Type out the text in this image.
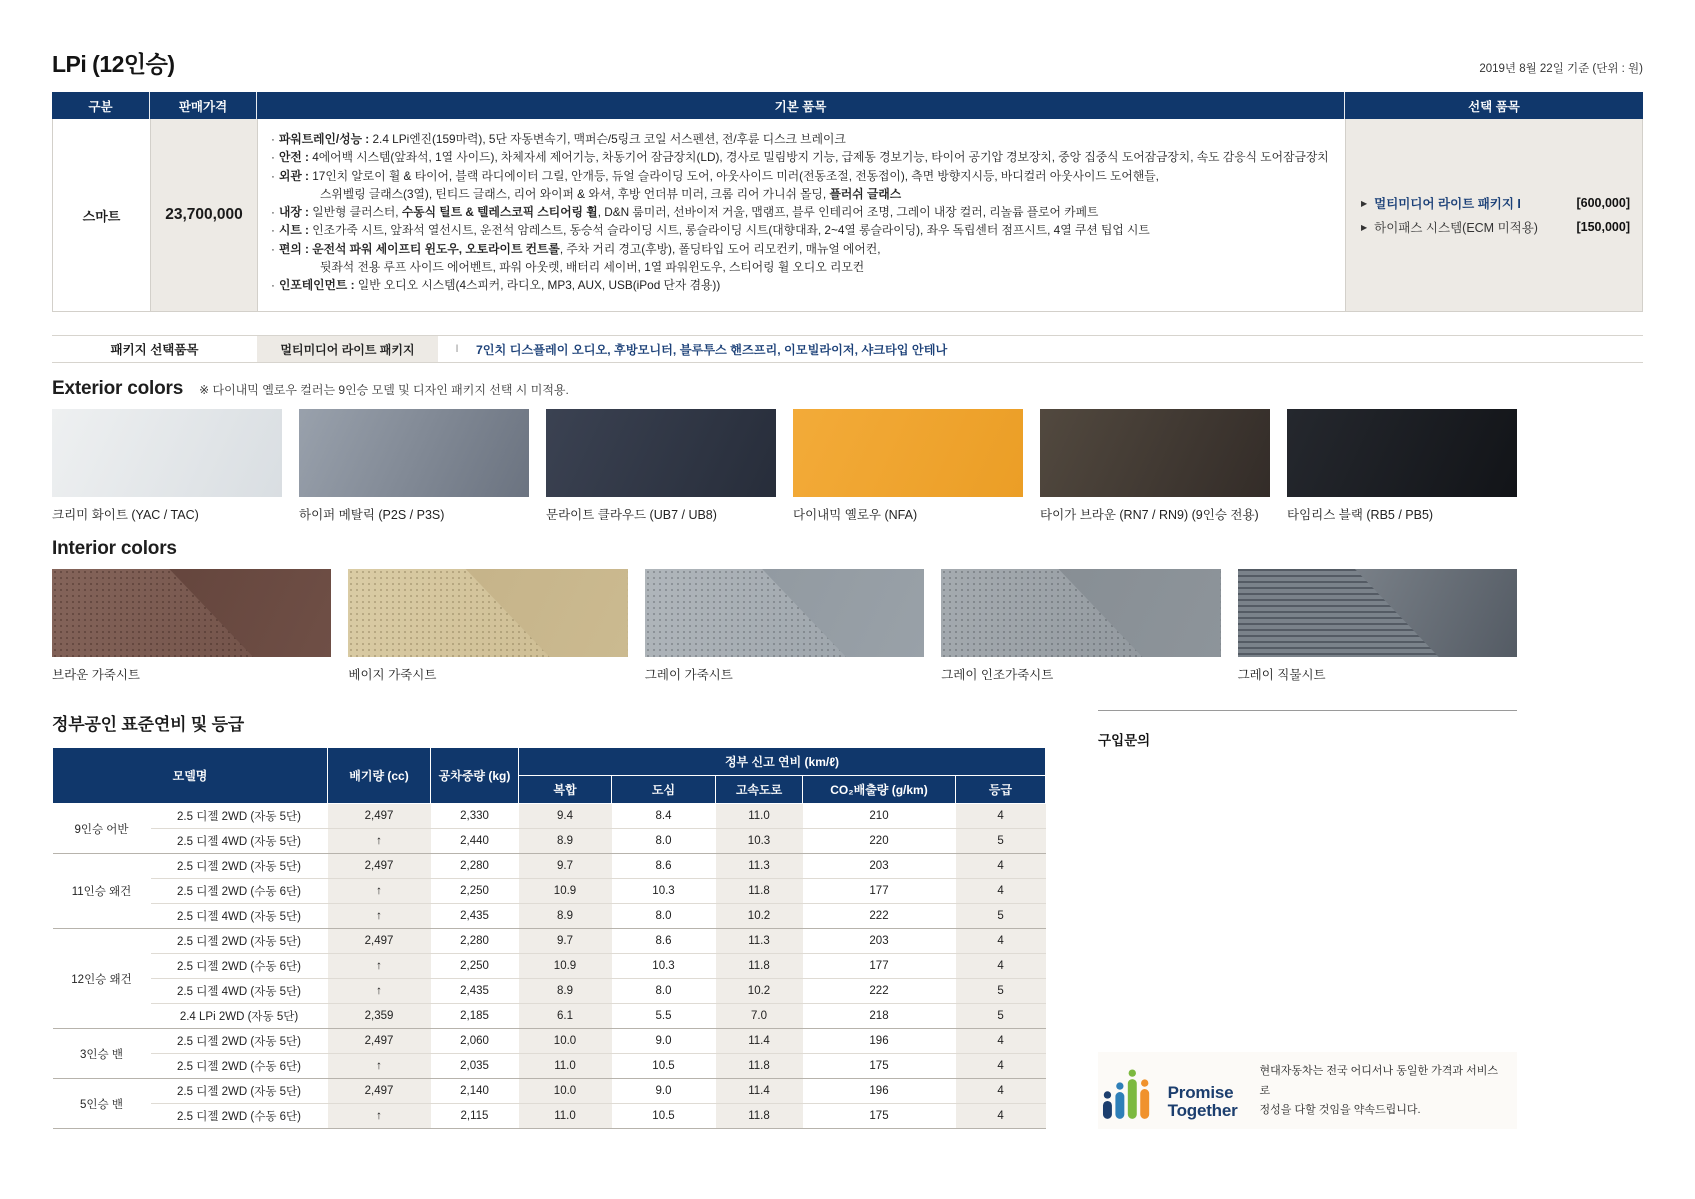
LPi (12인승)	2019년 8월 22일 기준 (단위 : 원)
구분	판매가격	기본 품목	선택 품목
스마트	23,700,000
· 파워트레인/성능 : 2.4 LPi엔진(159마력), 5단 자동변속기, 맥퍼슨/5링크 코일 서스펜션, 전/후륜 디스크 브레이크
· 안전 : 4에어백 시스템(앞좌석, 1열 사이드), 차체자세 제어기능, 차동기어 잠금장치(LD), 경사로 밀림방지 기능, 급제동 경보기능, 타이어 공기압 경보장치, 중앙 집중식 도어잠금장치, 속도 감응식 도어잠금장치
· 외관 : 17인치 알로이 휠 & 타이어, 블랙 라디에이터 그릴, 안개등, 듀얼 슬라이딩 도어, 아웃사이드 미러(전동조절, 전동접이), 측면 방향지시등, 바디컬러 아웃사이드 도어핸들,
스위벨링 글래스(3열), 틴티드 글래스, 리어 와이퍼 & 와셔, 후방 언더뷰 미러, 크롬 리어 가니쉬 몰딩, 플러쉬 글래스
· 내장 : 일반형 클러스터, 수동식 틸트 & 텔레스코픽 스티어링 휠, D&N 룸미러, 선바이저 거울, 맵램프, 블루 인테리어 조명, 그레이 내장 컬러, 리놀륨 플로어 카페트
· 시트 : 인조가죽 시트, 앞좌석 열선시트, 운전석 암레스트, 동승석 슬라이딩 시트, 롱슬라이딩 시트(대향대좌, 2~4열 롱슬라이딩), 좌우 독립센터 점프시트, 4열 쿠션 팁업 시트
· 편의 : 운전석 파워 세이프티 윈도우, 오토라이트 컨트롤, 주차 거리 경고(후방), 폴딩타입 도어 리모컨키, 매뉴얼 에어컨,
뒷좌석 전용 루프 사이드 에어벤트, 파워 아웃렛, 배터리 세이버, 1열 파워윈도우, 스티어링 휠 오디오 리모컨
· 인포테인먼트 : 일반 오디오 시스템(4스피커, 라디오, MP3, AUX, USB(iPod 단자 겸용))
▶ 멀티미디어 라이트 패키지 I	[600,000]
▶ 하이패스 시스템(ECM 미적용)	[150,000]
패키지 선택품목	멀티미디어 라이트 패키지	I	7인치 디스플레이 오디오, 후방모니터, 블루투스 핸즈프리, 이모빌라이저, 샤크타입 안테나
Exterior colors ※ 다이내믹 옐로우 컬러는 9인승 모델 및 디자인 패키지 선택 시 미적용.
크리미 화이트 (YAC / TAC)	하이퍼 메탈릭 (P2S / P3S)	문라이트 클라우드 (UB7 / UB8)	다이내믹 옐로우 (NFA)	타이가 브라운 (RN7 / RN9) (9인승 전용)	타임리스 블랙 (RB5 / PB5)
Interior colors
브라운 가죽시트	베이지 가죽시트	그레이 가죽시트	그레이 인조가죽시트	그레이 직물시트
정부공인 표준연비 및 등급
모델명		배기량 (cc)	공차중량 (kg)	정부 신고 연비 (km/ℓ)				
				복합	도심	고속도로	CO₂배출량 (g/km)	등급
9인승 어반	2.5 디젤 2WD (자동 5단)	2,497	2,330	9.4	8.4	11.0	210	4
	2.5 디젤 4WD (자동 5단)	↑	2,440	8.9	8.0	10.3	220	5
11인승 왜건	2.5 디젤 2WD (자동 5단)	2,497	2,280	9.7	8.6	11.3	203	4
	2.5 디젤 2WD (수동 6단)	↑	2,250	10.9	10.3	11.8	177	4
	2.5 디젤 4WD (자동 5단)	↑	2,435	8.9	8.0	10.2	222	5
12인승 왜건	2.5 디젤 2WD (자동 5단)	2,497	2,280	9.7	8.6	11.3	203	4
	2.5 디젤 2WD (수동 6단)	↑	2,250	10.9	10.3	11.8	177	4
	2.5 디젤 4WD (자동 5단)	↑	2,435	8.9	8.0	10.2	222	5
	2.4 LPi 2WD (자동 5단)	2,359	2,185	6.1	5.5	7.0	218	5
3인승 밴	2.5 디젤 2WD (자동 5단)	2,497	2,060	10.0	9.0	11.4	196	4
	2.5 디젤 2WD (수동 6단)	↑	2,035	11.0	10.5	11.8	175	4
5인승 밴	2.5 디젤 2WD (자동 5단)	2,497	2,140	10.0	9.0	11.4	196	4
	2.5 디젤 2WD (수동 6단)	↑	2,115	11.0	10.5	11.8	175	4
구입문의
Promise
Together
현대자동차는 전국 어디서나 동일한 가격과 서비스로
정성을 다할 것임을 약속드립니다.
